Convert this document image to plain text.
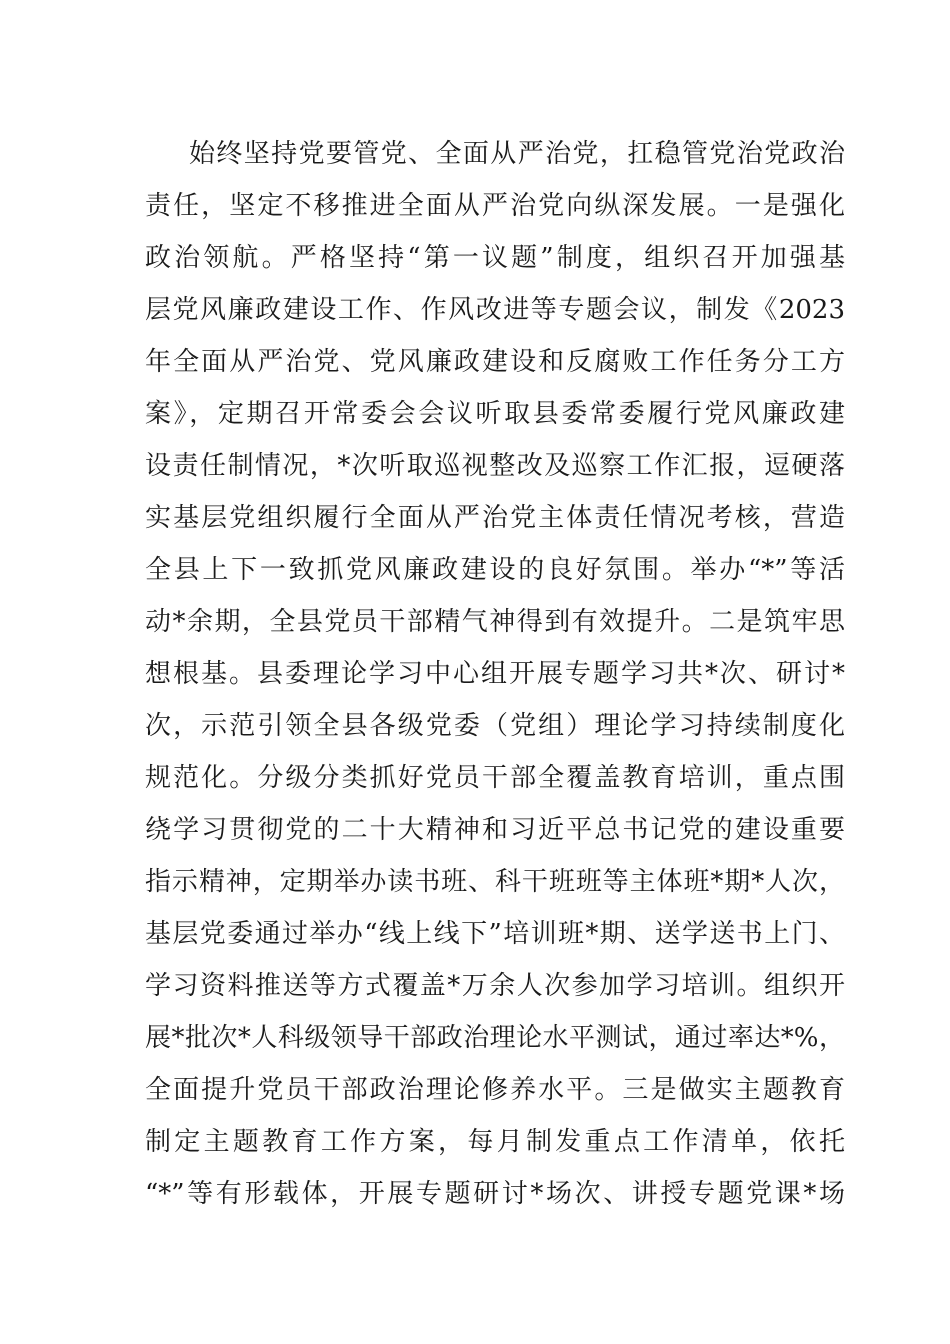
始终坚持党要管党、全面从严治党，扛稳管党治党政治
责任，坚定不移推进全面从严治党向纵深发展。一是强化
政治领航。严格坚持“第一议题”制度，组织召开加强基
层党风廉政建设工作、作风改进等专题会议，制发《2023
年全面从严治党、党风廉政建设和反腐败工作任务分工方
案》，定期召开常委会会议听取县委常委履行党风廉政建
设责任制情况，*次听取巡视整改及巡察工作汇报，逗硬落
实基层党组织履行全面从严治党主体责任情况考核，营造
全县上下一致抓党风廉政建设的良好氛围。举办“*”等活
动*余期，全县党员干部精气神得到有效提升。二是筑牢思
想根基。县委理论学习中心组开展专题学习共*次、研讨*
次，示范引领全县各级党委（党组）理论学习持续制度化
规范化。分级分类抓好党员干部全覆盖教育培训，重点围
绕学习贯彻党的二十大精神和习近平总书记党的建设重要
指示精神，定期举办读书班、科干班班等主体班*期*人次，
基层党委通过举办“线上线下”培训班*期、送学送书上门、
学习资料推送等方式覆盖*万余人次参加学习培训。组织开
展*批次*人科级领导干部政治理论水平测试，通过率达*%，
全面提升党员干部政治理论修养水平。三是做实主题教育
制定主题教育工作方案，每月制发重点工作清单，依托
“*”等有形载体，开展专题研讨*场次、讲授专题党课*场
